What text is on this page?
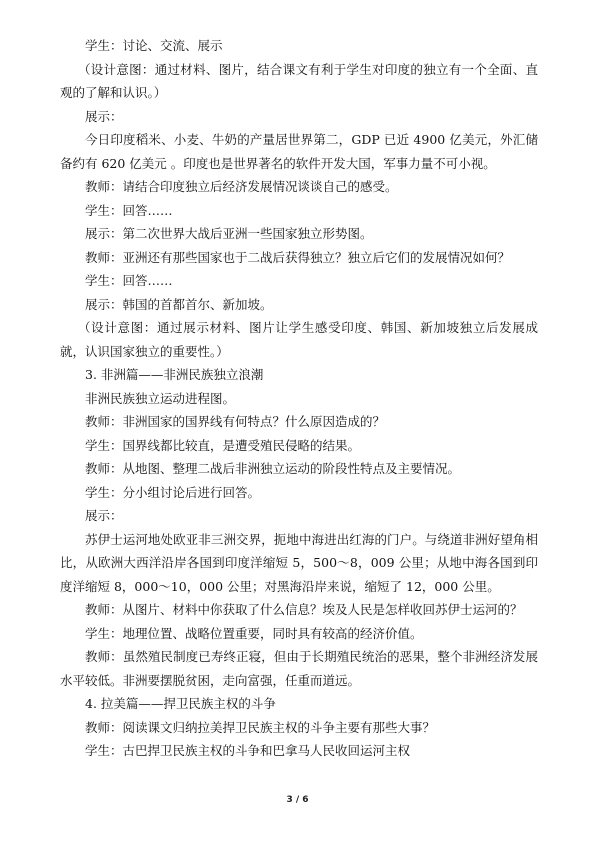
学生：讨论、交流、展示
（设计意图：通过材料、图片，结合课文有利于学生对印度的独立有一个全面、直观的了解和认识。）
展示：
今日印度稻米、小麦、牛奶的产量居世界第二，GDP 已近 4900 亿美元，外汇储备约有 620 亿美元 。印度也是世界著名的软件开发大国，军事力量不可小视。
教师：请结合印度独立后经济发展情况谈谈自己的感受。
学生：回答……
展示：第二次世界大战后亚洲一些国家独立形势图。
教师：亚洲还有那些国家也于二战后获得独立？独立后它们的发展情况如何？
学生：回答……
展示：韩国的首都首尔、新加坡。
（设计意图：通过展示材料、图片让学生感受印度、韩国、新加坡独立后发展成就，认识国家独立的重要性。）
3. 非洲篇——非洲民族独立浪潮
非洲民族独立运动进程图。
教师：非洲国家的国界线有何特点？什么原因造成的？
学生：国界线都比较直，是遭受殖民侵略的结果。
教师：从地图、整理二战后非洲独立运动的阶段性特点及主要情况。
学生：分小组讨论后进行回答。
展示：
苏伊士运河地处欧亚非三洲交界，扼地中海进出红海的门户。与绕道非洲好望角相比，从欧洲大西洋沿岸各国到印度洋缩短 5，500～8，009 公里；从地中海各国到印度洋缩短 8，000～10，000 公里；对黑海沿岸来说，缩短了 12，000 公里。
教师：从图片、材料中你获取了什么信息？埃及人民是怎样收回苏伊士运河的？
学生：地理位置、战略位置重要，同时具有较高的经济价值。
教师：虽然殖民制度已寿终正寝，但由于长期殖民统治的恶果，整个非洲经济发展水平较低。非洲要摆脱贫困，走向富强，任重而道远。
4. 拉美篇——捍卫民族主权的斗争
教师：阅读课文归纳拉美捍卫民族主权的斗争主要有那些大事？
学生：古巴捍卫民族主权的斗争和巴拿马人民收回运河主权
3 / 6
